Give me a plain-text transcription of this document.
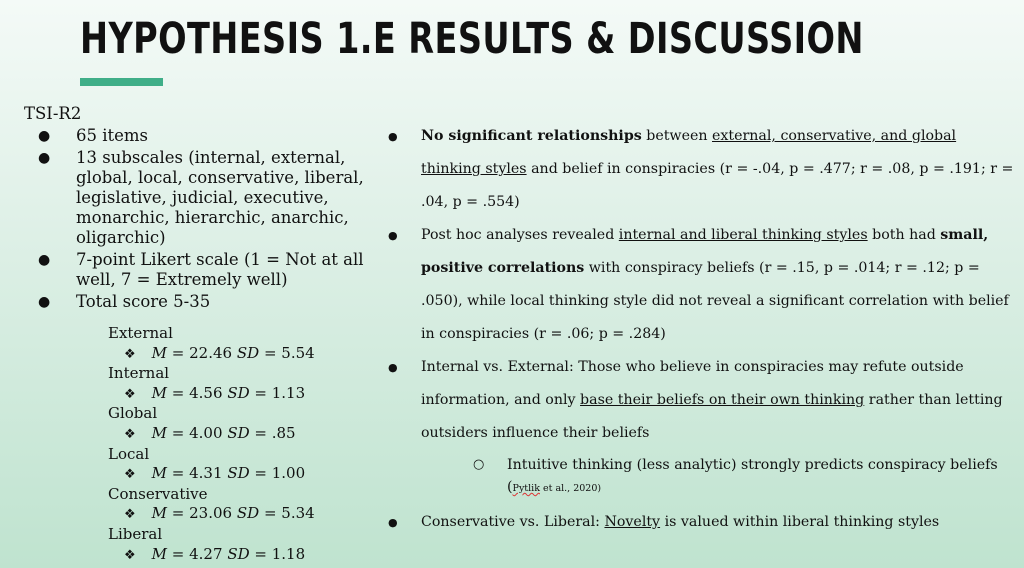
HYPOTHESIS 1.E RESULTS & DISCUSSION
TSI-R2
● 65 items
● 13 subscales (internal, external, global, local, conservative, liberal, legislative, judicial, executive, monarchic, hierarchic, anarchic, oligarchic)
● 7-point Likert scale (1 = Not at all well, 7 = Extremely well)
● Total score 5-35
External
❖ M = 22.46 SD = 5.54
Internal
❖ M = 4.56 SD = 1.13
Global
❖ M = 4.00 SD = .85
Local
❖ M = 4.31 SD = 1.00
Conservative
❖ M = 23.06 SD = 5.34
Liberal
❖ M = 4.27 SD = 1.18
● No significant relationships between external, conservative, and global thinking styles and belief in conspiracies (r = -.04, p = .477; r = .08, p = .191; r = .04, p = .554)
● Post hoc analyses revealed internal and liberal thinking styles both had small, positive correlations with conspiracy beliefs (r = .15, p = .014; r = .12; p = .050), while local thinking style did not reveal a significant correlation with belief in conspiracies (r = .06; p = .284)
● Internal vs. External: Those who believe in conspiracies may refute outside information, and only base their beliefs on their own thinking rather than letting outsiders influence their beliefs
○ Intuitive thinking (less analytic) strongly predicts conspiracy beliefs (Pytlik et al., 2020)
● Conservative vs. Liberal: Novelty is valued within liberal thinking styles
